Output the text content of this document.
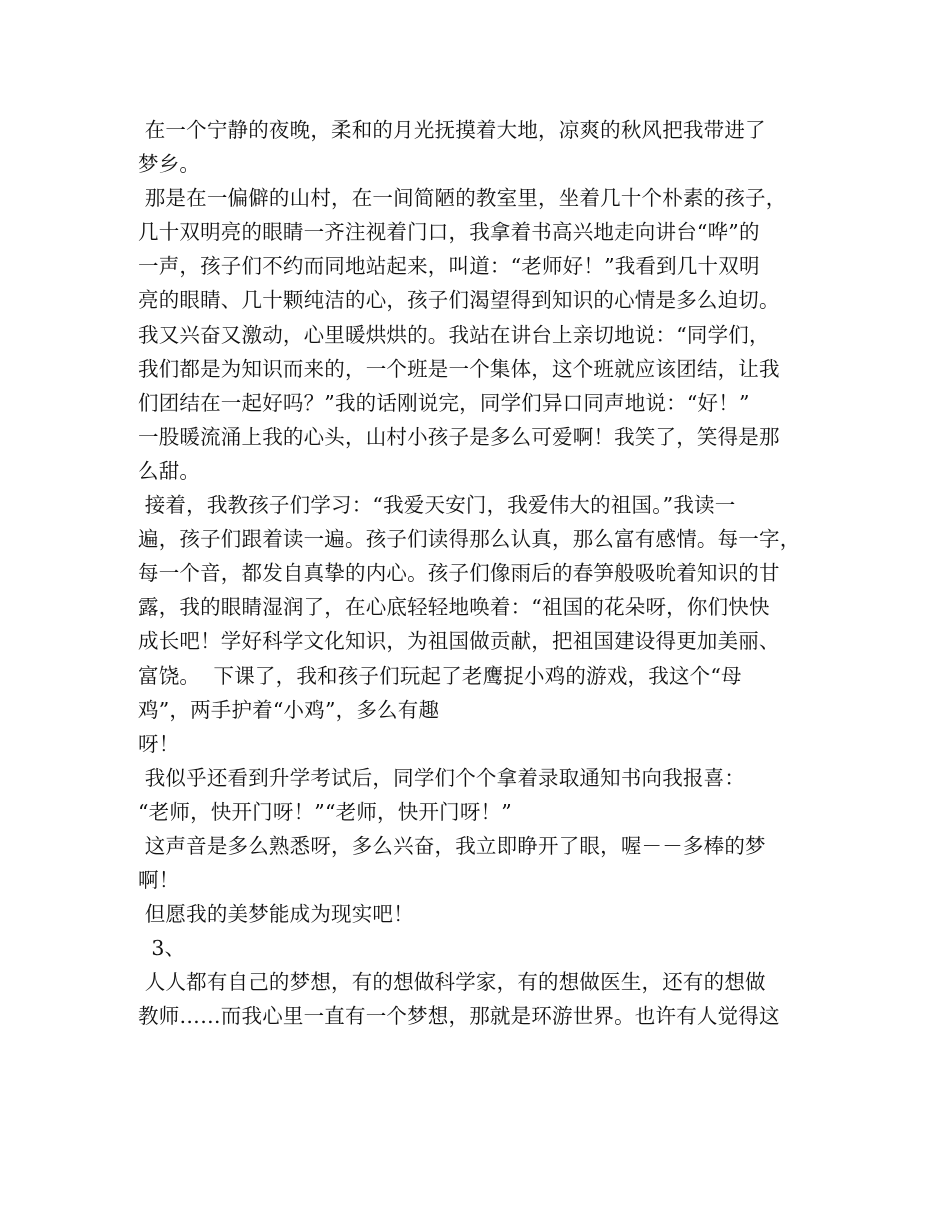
在一个宁静的夜晚，柔和的月光抚摸着大地，凉爽的秋风把我带进了
梦乡。
那是在一偏僻的山村，在一间简陋的教室里，坐着几十个朴素的孩子，
几十双明亮的眼睛一齐注视着门口，我拿着书高兴地走向讲台“哗”的
一声，孩子们不约而同地站起来，叫道：“老师好！”我看到几十双明
亮的眼睛、几十颗纯洁的心，孩子们渴望得到知识的心情是多么迫切。
我又兴奋又激动，心里暖烘烘的。我站在讲台上亲切地说：“同学们，
我们都是为知识而来的，一个班是一个集体，这个班就应该团结，让我
们团结在一起好吗？”我的话刚说完，同学们异口同声地说：“好！”
一股暖流涌上我的心头，山村小孩子是多么可爱啊！我笑了，笑得是那
么甜。
接着，我教孩子们学习：“我爱天安门，我爱伟大的祖国。”我读一
遍，孩子们跟着读一遍。孩子们读得那么认真，那么富有感情。每一字，
每一个音，都发自真挚的内心。孩子们像雨后的春笋般吸吮着知识的甘
露，我的眼睛湿润了，在心底轻轻地唤着：“祖国的花朵呀，你们快快
成长吧！学好科学文化知识，为祖国做贡献，把祖国建设得更加美丽、
富饶。  下课了，我和孩子们玩起了老鹰捉小鸡的游戏，我这个“母
鸡”，两手护着“小鸡”，多么有趣
呀！
我似乎还看到升学考试后，同学们个个拿着录取通知书向我报喜：
“老师，快开门呀！”“老师，快开门呀！”
这声音是多么熟悉呀，多么兴奋，我立即睁开了眼，喔－－多棒的梦
啊！
但愿我的美梦能成为现实吧！
3、
人人都有自己的梦想，有的想做科学家，有的想做医生，还有的想做
教师……而我心里一直有一个梦想，那就是环游世界。也许有人觉得这
